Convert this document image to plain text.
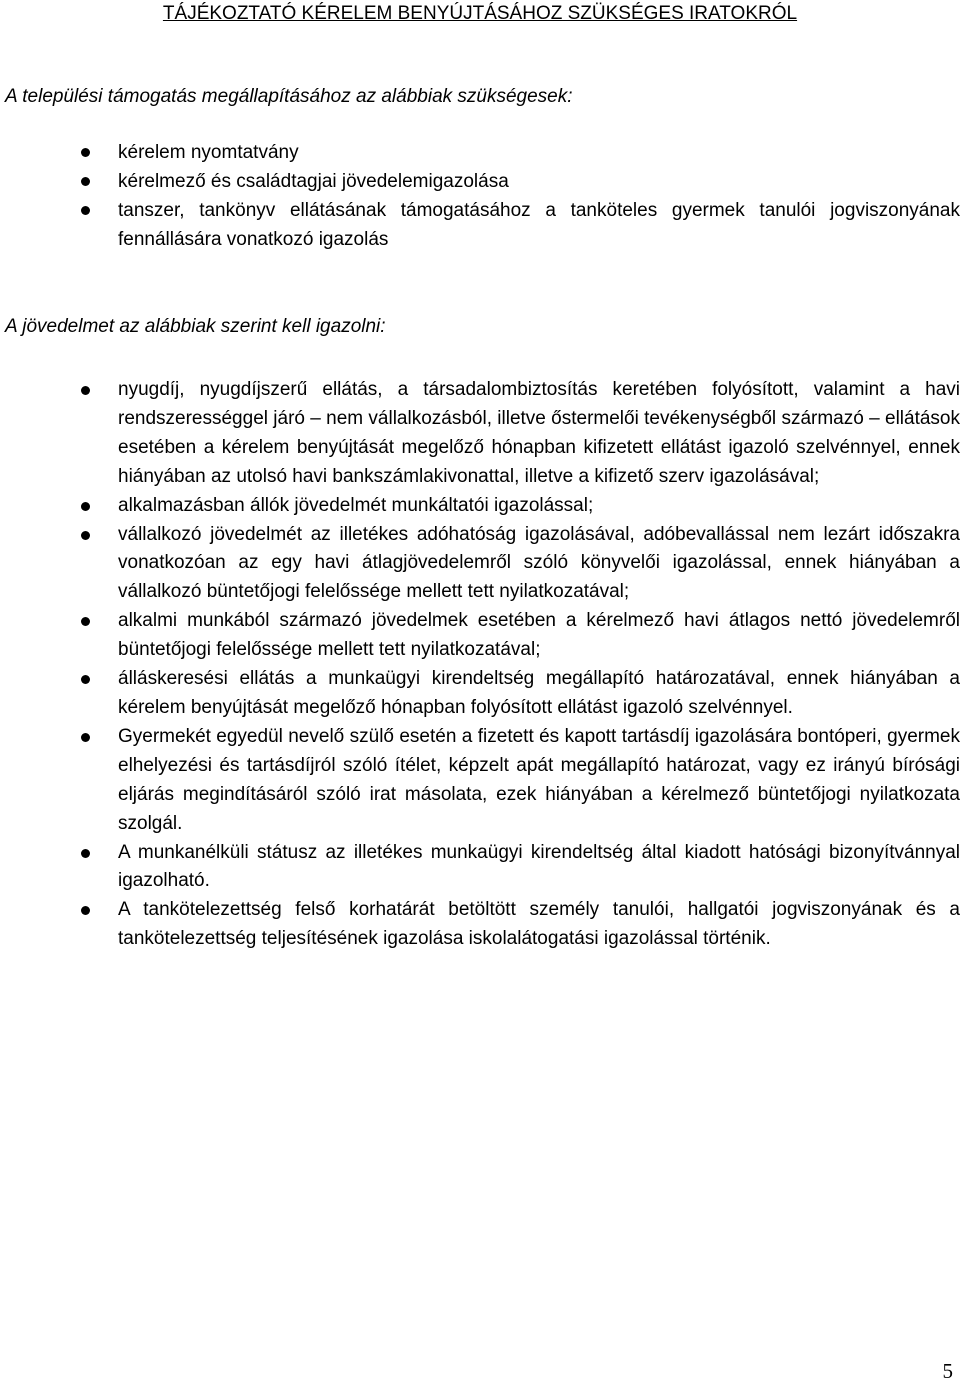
TÁJÉKOZTATÓ KÉRELEM BENYÚJTÁSÁHOZ SZÜKSÉGES IRATOKRÓL
A települési támogatás megállapításához az alábbiak szükségesek:
kérelem nyomtatvány
kérelmező és családtagjai jövedelemigazolása
tanszer, tankönyv ellátásának támogatásához a tanköteles gyermek tanulói jogviszonyának fennállására vonatkozó igazolás
A jövedelmet az alábbiak szerint kell igazolni:
nyugdíj, nyugdíjszerű ellátás, a társadalombiztosítás keretében folyósított, valamint a havi rendszerességgel járó – nem vállalkozásból, illetve őstermelői tevékenységből származó – ellátások esetében a kérelem benyújtását megelőző hónapban kifizetett ellátást igazoló szelvénnyel, ennek hiányában az utolsó havi bankszámlakivonattal, illetve a kifizető szerv igazolásával;
alkalmazásban állók jövedelmét munkáltatói igazolással;
vállalkozó jövedelmét az illetékes adóhatóság igazolásával, adóbevallással nem lezárt időszakra vonatkozóan az egy havi átlagjövedelemről szóló könyvelői igazolással, ennek hiányában a vállalkozó büntetőjogi felelőssége mellett tett nyilatkozatával;
alkalmi munkából származó jövedelmek esetében a kérelmező havi átlagos nettó jövedelemről büntetőjogi felelőssége mellett tett nyilatkozatával;
álláskeresési ellátás a munkaügyi kirendeltség megállapító határozatával, ennek hiányában a kérelem benyújtását megelőző hónapban folyósított ellátást igazoló szelvénnyel.
Gyermekét egyedül nevelő szülő esetén a fizetett és kapott tartásdíj igazolására bontóperi, gyermek elhelyezési és tartásdíjról szóló ítélet, képzelt apát megállapító határozat, vagy ez irányú bírósági eljárás megindításáról szóló irat másolata, ezek hiányában a kérelmező büntetőjogi nyilatkozata szolgál.
A munkanélküli státusz az illetékes munkaügyi kirendeltség által kiadott hatósági bizonyítvánnyal igazolható.
A tankötelezettség felső korhatárát betöltött személy tanulói, hallgatói jogviszonyának és a tankötelezettség teljesítésének igazolása iskolalátogatási igazolással történik.
5
